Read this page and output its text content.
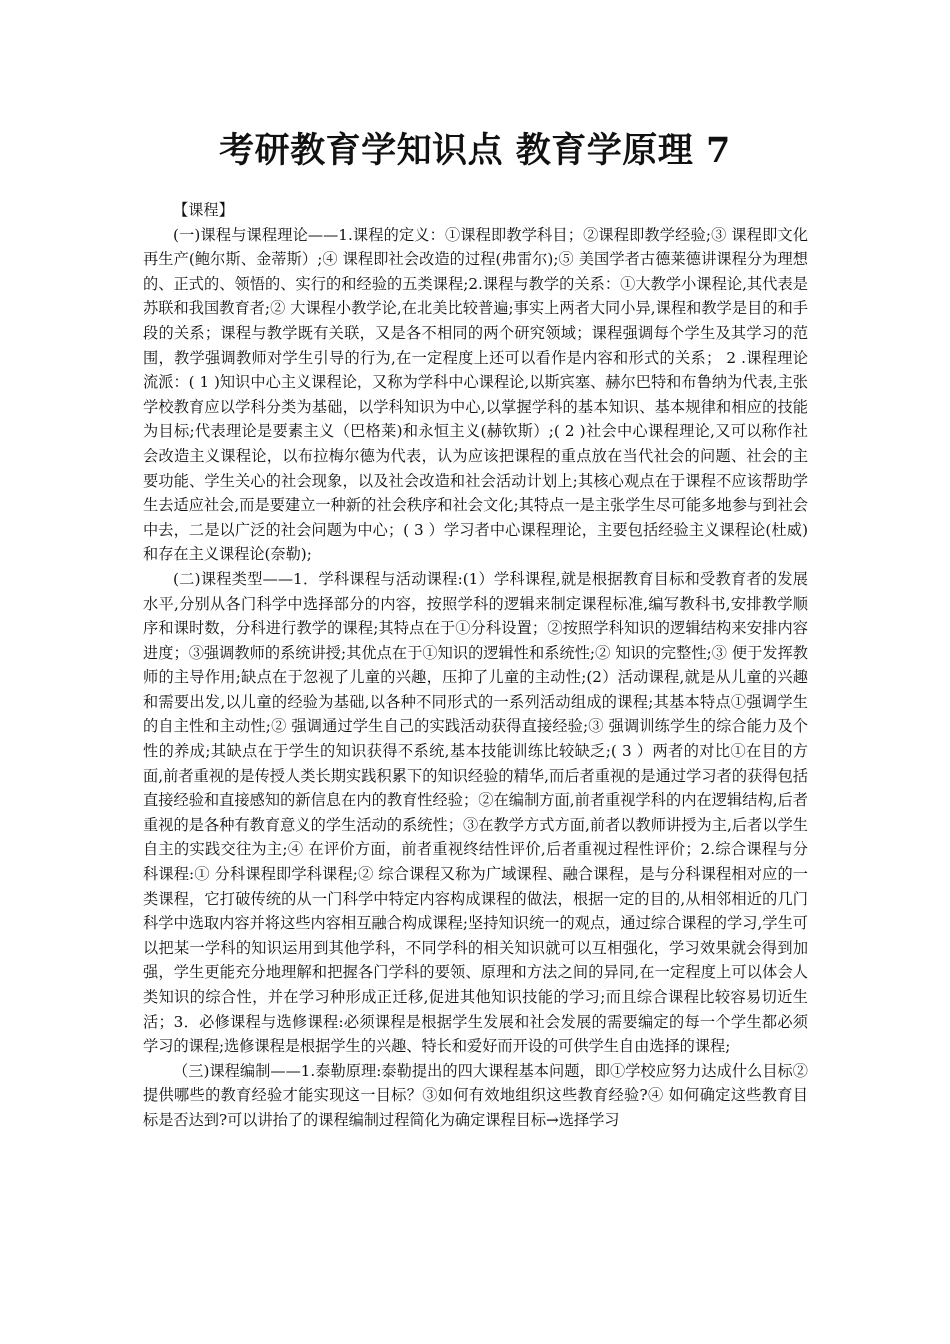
考研教育学知识点 教育学原理 7

【课程】

(一)课程与课程理论——1.课程的定义：①课程即教学科目；②课程即教学经验;③ 课程即文化再生产(鲍尔斯、金蒂斯）;④ 课程即社会改造的过程(弗雷尔);⑤ 美国学者古德莱德讲课程分为理想的、正式的、领悟的、实行的和经验的五类课程;2.课程与教学的关系：①大教学小课程论,其代表是苏联和我国教育者;② 大课程小教学论,在北美比较普遍;事实上两者大同小异,课程和教学是目的和手段的关系；课程与教学既有关联，又是各不相同的两个研究领域；课程强调每个学生及其学习的范围，教学强调教师对学生引导的行为,在一定程度上还可以看作是内容和形式的关系； 2 .课程理论流派：( 1 )知识中心主义课程论，又称为学科中心课程论,以斯宾塞、赫尔巴特和布鲁纳为代表,主张学校教育应以学科分类为基础，以学科知识为中心,以掌握学科的基本知识、基本规律和相应的技能为目标;代表理论是要素主义（巴格莱)和永恒主义(赫钦斯）;( 2 )社会中心课程理论,又可以称作社会改造主义课程论，以布拉梅尔德为代表，认为应该把课程的重点放在当代社会的问题、社会的主要功能、学生关心的社会现象，以及社会改造和社会活动计划上;其核心观点在于课程不应该帮助学生去适应社会,而是要建立一种新的社会秩序和社会文化;其特点一是主张学生尽可能多地参与到社会中去，二是以广泛的社会问题为中心；( 3 ）学习者中心课程理论，主要包括经验主义课程论(杜威)和存在主义课程论(奈勒);

(二)课程类型——1．学科课程与活动课程:(1）学科课程,就是根据教育目标和受教育者的发展水平,分别从各门科学中选择部分的内容，按照学科的逻辑来制定课程标准,编写教科书,安排教学顺序和课时数，分科进行教学的课程;其特点在于①分科设置；②按照学科知识的逻辑结构来安排内容进度；③强调教师的系统讲授;其优点在于①知识的逻辑性和系统性;② 知识的完整性;③ 便于发挥教师的主导作用;缺点在于忽视了儿童的兴趣，压抑了儿童的主动性;(2）活动课程,就是从儿童的兴趣和需要出发,以儿童的经验为基础,以各种不同形式的一系列活动组成的课程;其基本特点①强调学生的自主性和主动性;② 强调通过学生自己的实践活动获得直接经验;③ 强调训练学生的综合能力及个性的养成;其缺点在于学生的知识获得不系统,基本技能训练比较缺乏;( 3 ）两者的对比①在目的方面,前者重视的是传授人类长期实践积累下的知识经验的精华,而后者重视的是通过学习者的获得包括直接经验和直接感知的新信息在内的教育性经验；②在编制方面,前者重视学科的内在逻辑结构,后者重视的是各种有教育意义的学生活动的系统性；③在教学方式方面,前者以教师讲授为主,后者以学生自主的实践交往为主;④ 在评价方面，前者重视终结性评价,后者重视过程性评价；2.综合课程与分科课程:① 分科课程即学科课程;② 综合课程又称为广域课程、融合课程，是与分科课程相对应的一类课程，它打破传统的从一门科学中特定内容构成课程的做法，根据一定的目的,从相邻相近的几门科学中选取内容并将这些内容相互融合构成课程;坚持知识统一的观点，通过综合课程的学习,学生可以把某一学科的知识运用到其他学科，不同学科的相关知识就可以互相强化，学习效果就会得到加强，学生更能充分地理解和把握各门学科的要领、原理和方法之间的异同,在一定程度上可以体会人类知识的综合性，并在学习种形成正迁移,促进其他知识技能的学习;而且综合课程比较容易切近生活；3．必修课程与选修课程:必须课程是根据学生发展和社会发展的需要编定的每一个学生都必须学习的课程;选修课程是根据学生的兴趣、特长和爱好而开设的可供学生自由选择的课程;

（三)课程编制——1.泰勒原理:泰勒提出的四大课程基本问题，即①学校应努力达成什么目标②提供哪些的教育经验才能实现这一目标？③如何有效地组织这些教育经验?④ 如何确定这些教育目标是否达到?可以讲抬了的课程编制过程简化为确定课程目标→选择学习
